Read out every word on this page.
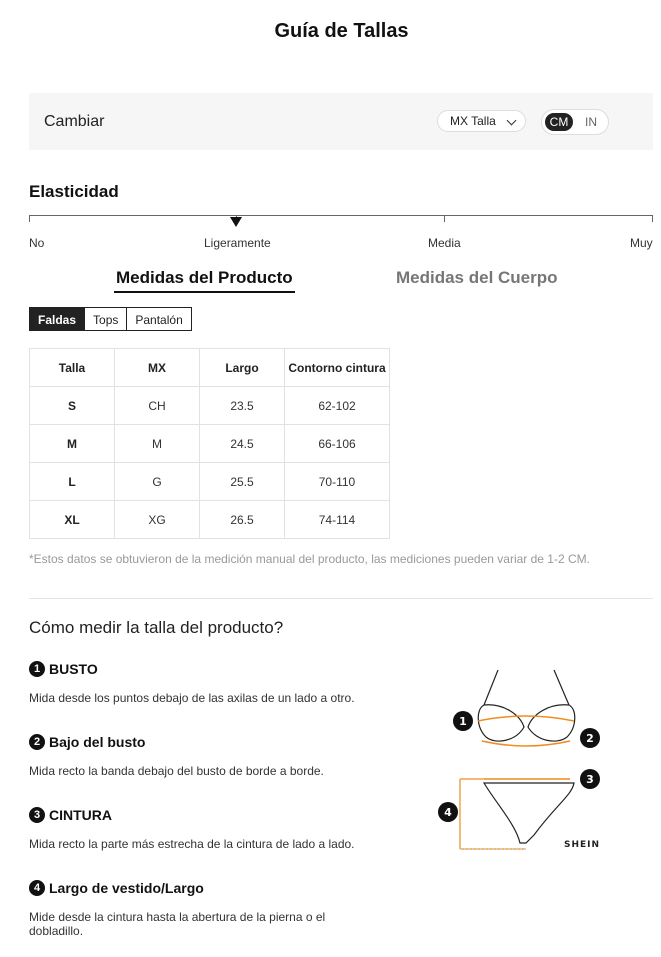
Guía de Tallas
Cambiar	MX Talla	CM	IN
Elasticidad
No	Ligeramente	Media	Muy
Medidas del Producto	Medidas del Cuerpo
Faldas	Tops	Pantalón
Talla	MX	Largo	Contorno cintura
S	CH	23.5	62-102
M	M	24.5	66-106
L	G	25.5	70-110
XL	XG	26.5	74-114
*Estos datos se obtuvieron de la medición manual del producto, las mediciones pueden variar de 1-2 CM.
Cómo medir la talla del producto?
1 BUSTO
Mida desde los puntos debajo de las axilas de un lado a otro.
2 Bajo del busto
Mida recto la banda debajo del busto de borde a borde.
3 CINTURA
Mida recto la parte más estrecha de la cintura de lado a lado.
4 Largo de vestido/Largo
Mide desde la cintura hasta la abertura de la pierna o el dobladillo.
1
2
3
4
SHEIN
